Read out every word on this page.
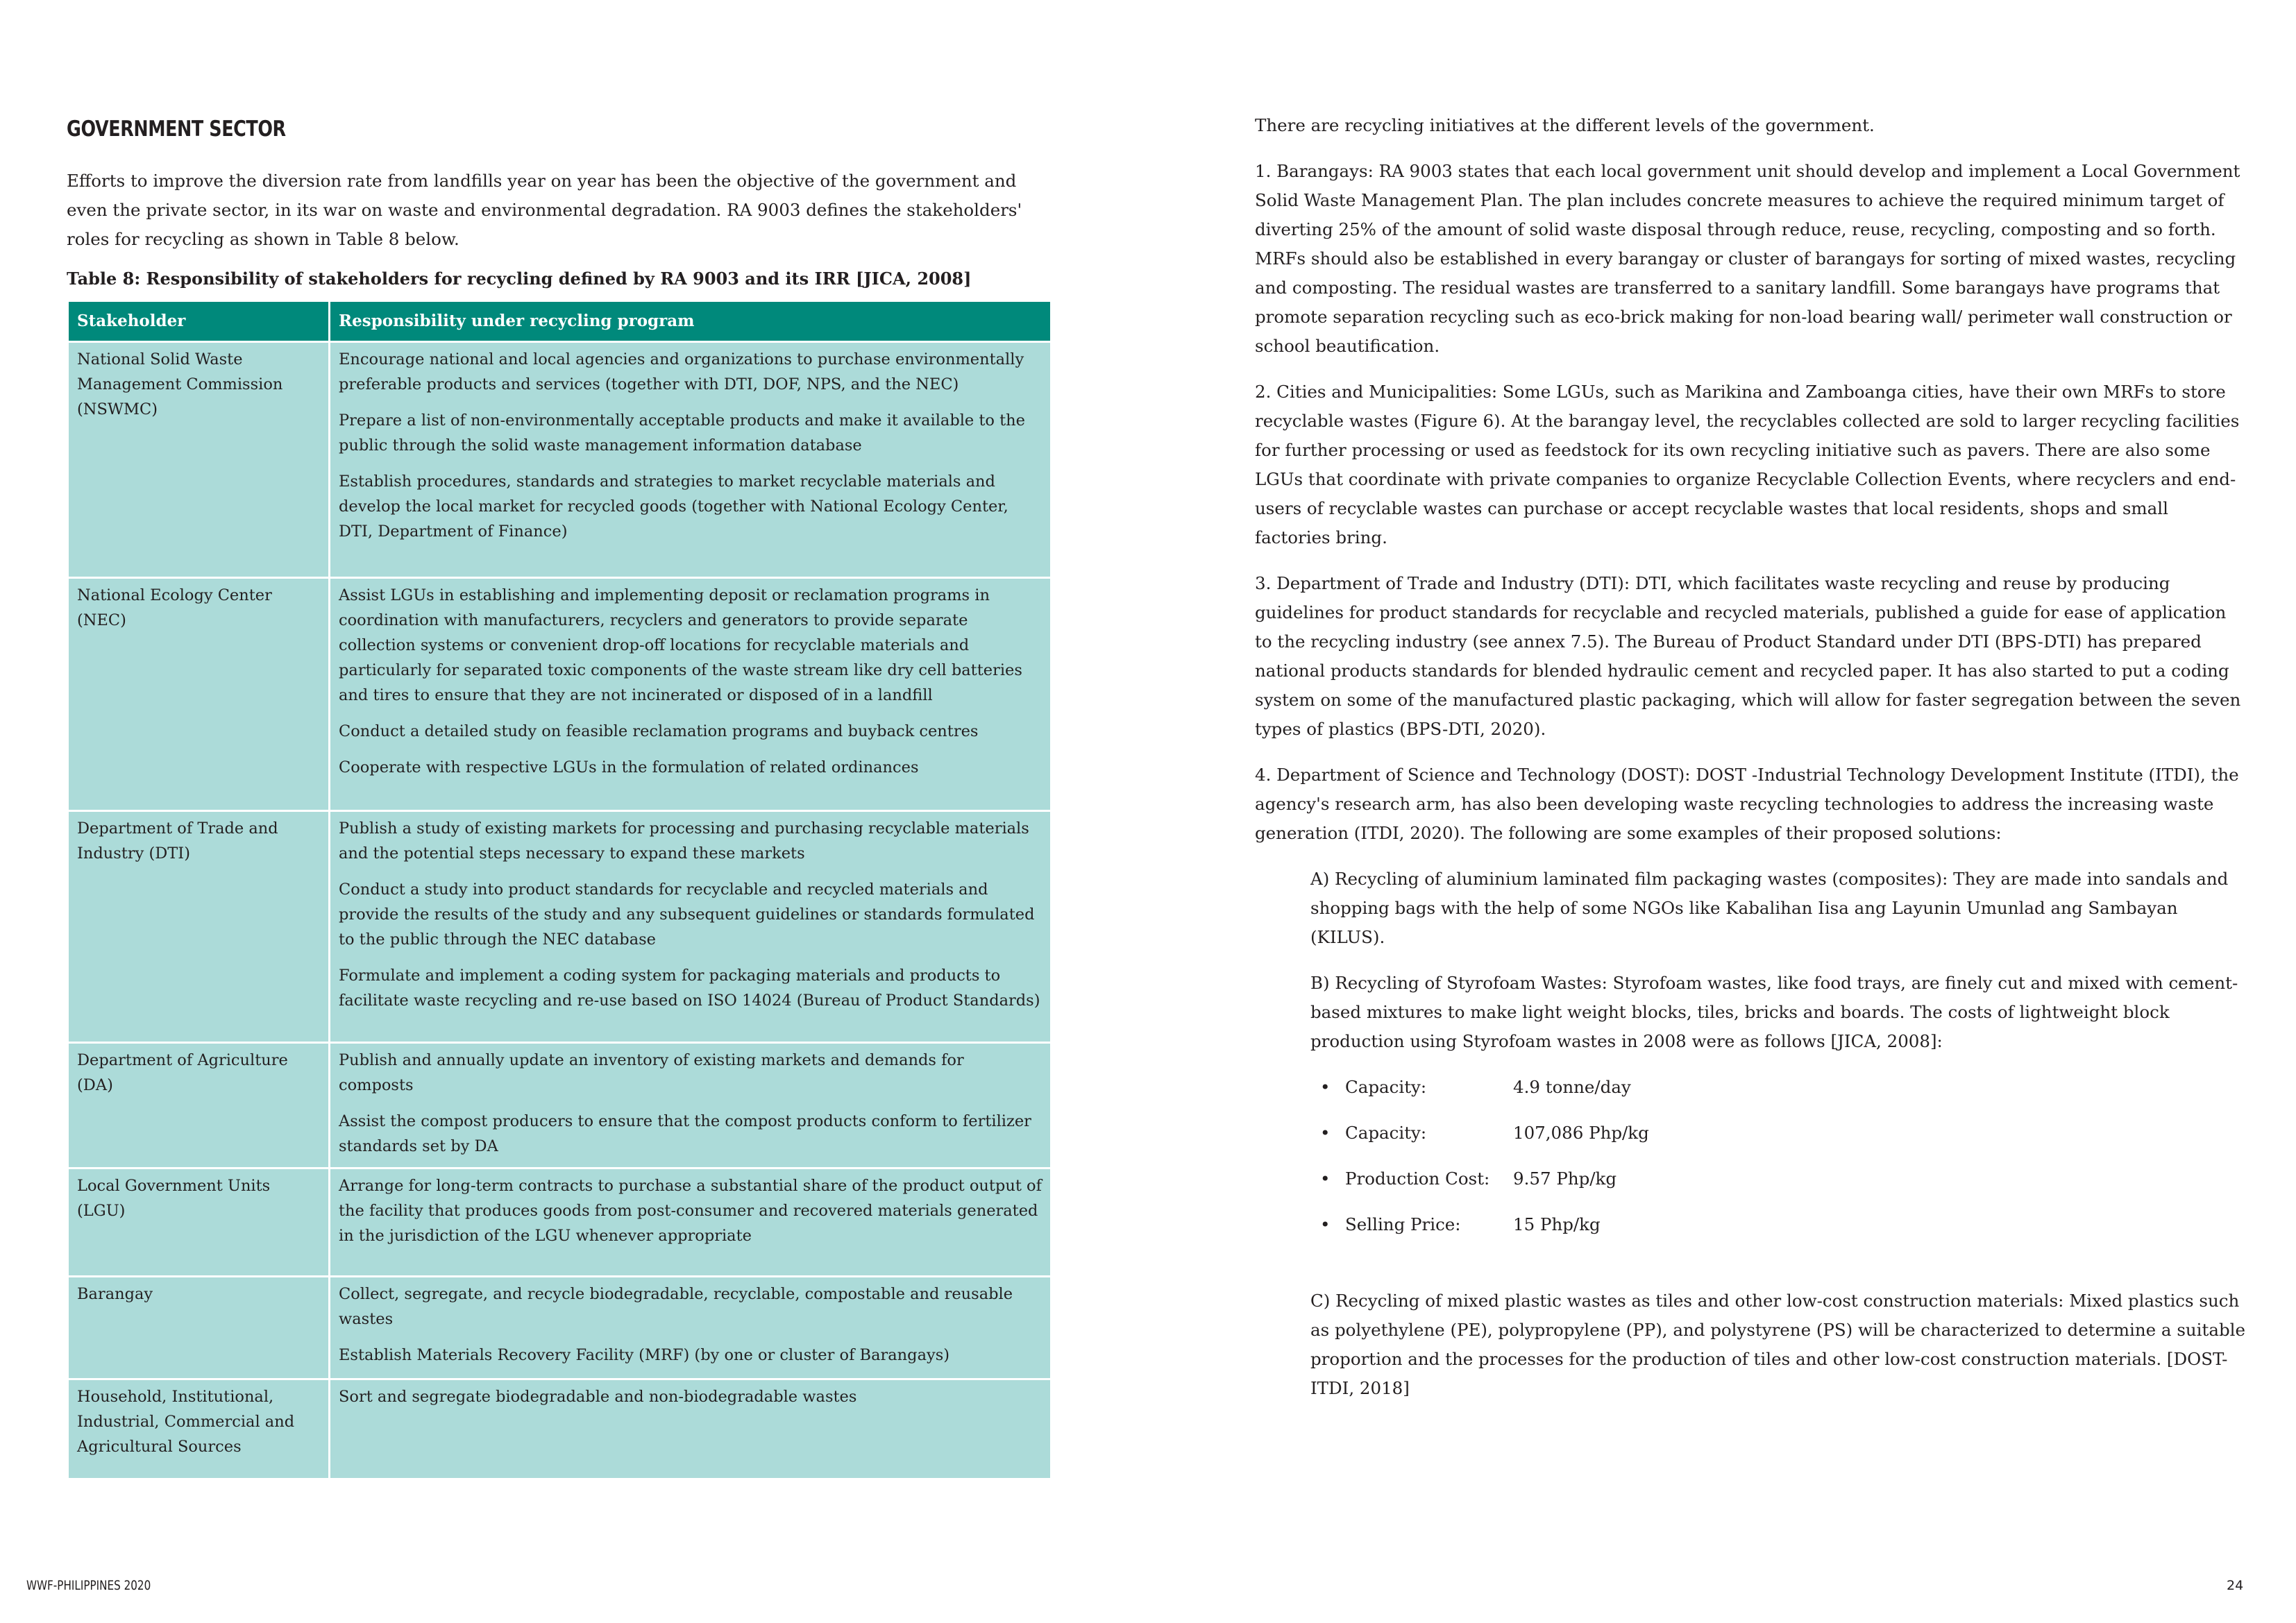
GOVERNMENT SECTOR

Efforts to improve the diversion rate from landfills year on year has been the objective of the government and even the private sector, in its war on waste and environmental degradation. RA 9003 defines the stakeholders' roles for recycling as shown in Table 8 below.

Table 8: Responsibility of stakeholders for recycling defined by RA 9003 and its IRR [JICA, 2008]
Stakeholder	Responsibility under recycling program
National Solid Waste Management Commission (NSWMC)	Encourage national and local agencies and organizations to purchase environmentally preferable products and services (together with DTI, DOF, NPS, and the NEC)

Prepare a list of non-environmentally acceptable products and make it available to the public through the solid waste management information database

Establish procedures, standards and strategies to market recyclable materials and develop the local market for recycled goods (together with National Ecology Center, DTI, Department of Finance)

National Ecology Center (NEC)	Assist LGUs in establishing and implementing deposit or reclamation programs in coordination with manufacturers, recyclers and generators to provide separate collection systems or convenient drop-off locations for recyclable materials and particularly for separated toxic components of the waste stream like dry cell batteries and tires to ensure that they are not incinerated or disposed of in a landfill

Conduct a detailed study on feasible reclamation programs and buyback centres

Cooperate with respective LGUs in the formulation of related ordinances

Department of Trade and Industry (DTI)	Publish a study of existing markets for processing and purchasing recyclable materials and the potential steps necessary to expand these markets

Conduct a study into product standards for recyclable and recycled materials and provide the results of the study and any subsequent guidelines or standards formulated to the public through the NEC database

Formulate and implement a coding system for packaging materials and products to facilitate waste recycling and re-use based on ISO 14024 (Bureau of Product Standards)

Department of Agriculture (DA)	Publish and annually update an inventory of existing markets and demands for composts

Assist the compost producers to ensure that the compost products conform to fertilizer standards set by DA

Local Government Units (LGU)	Arrange for long-term contracts to purchase a substantial share of the product output of the facility that produces goods from post-consumer and recovered materials generated in the jurisdiction of the LGU whenever appropriate

Barangay	Collect, segregate, and recycle biodegradable, recyclable, compostable and reusable wastes

Establish Materials Recovery Facility (MRF) (by one or cluster of Barangays)

Household, Institutional, Industrial, Commercial and Agricultural Sources	Sort and segregate biodegradable and non-biodegradable wastes

There are recycling initiatives at the different levels of the government.

1. Barangays: RA 9003 states that each local government unit should develop and implement a Local Government Solid Waste Management Plan. The plan includes concrete measures to achieve the required minimum target of diverting 25% of the amount of solid waste disposal through reduce, reuse, recycling, composting and so forth. MRFs should also be established in every barangay or cluster of barangays for sorting of mixed wastes, recycling and composting. The residual wastes are transferred to a sanitary landfill. Some barangays have programs that promote separation recycling such as eco-brick making for non-load bearing wall/ perimeter wall construction or school beautification.

2. Cities and Municipalities: Some LGUs, such as Marikina and Zamboanga cities, have their own MRFs to store recyclable wastes (Figure 6). At the barangay level, the recyclables collected are sold to larger recycling facilities for further processing or used as feedstock for its own recycling initiative such as pavers. There are also some LGUs that coordinate with private companies to organize Recyclable Collection Events, where recyclers and end-users of recyclable wastes can purchase or accept recyclable wastes that local residents, shops and small factories bring.

3. Department of Trade and Industry (DTI): DTI, which facilitates waste recycling and reuse by producing guidelines for product standards for recyclable and recycled materials, published a guide for ease of application to the recycling industry (see annex 7.5). The Bureau of Product Standard under DTI (BPS-DTI) has prepared national products standards for blended hydraulic cement and recycled paper. It has also started to put a coding system on some of the manufactured plastic packaging, which will allow for faster segregation between the seven types of plastics (BPS-DTI, 2020).

4. Department of Science and Technology (DOST): DOST -Industrial Technology Development Institute (ITDI), the agency's research arm, has also been developing waste recycling technologies to address the increasing waste generation (ITDI, 2020). The following are some examples of their proposed solutions:

A) Recycling of aluminium laminated film packaging wastes (composites): They are made into sandals and shopping bags with the help of some NGOs like Kabalihan Iisa ang Layunin Umunlad ang Sambayan (KILUS).

B) Recycling of Styrofoam Wastes: Styrofoam wastes, like food trays, are finely cut and mixed with cement-based mixtures to make light weight blocks, tiles, bricks and boards. The costs of lightweight block production using Styrofoam wastes in 2008 were as follows [JICA, 2008]:

• Capacity:	4.9 tonne/day
• Capacity:	107,086 Php/kg
• Production Cost: 9.57 Php/kg
• Selling Price:	15 Php/kg

C) Recycling of mixed plastic wastes as tiles and other low-cost construction materials: Mixed plastics such as polyethylene (PE), polypropylene (PP), and polystyrene (PS) will be characterized to determine a suitable proportion and the processes for the production of tiles and other low-cost construction materials. [DOST-ITDI, 2018]

WWF-PHILIPPINES 2020	24
